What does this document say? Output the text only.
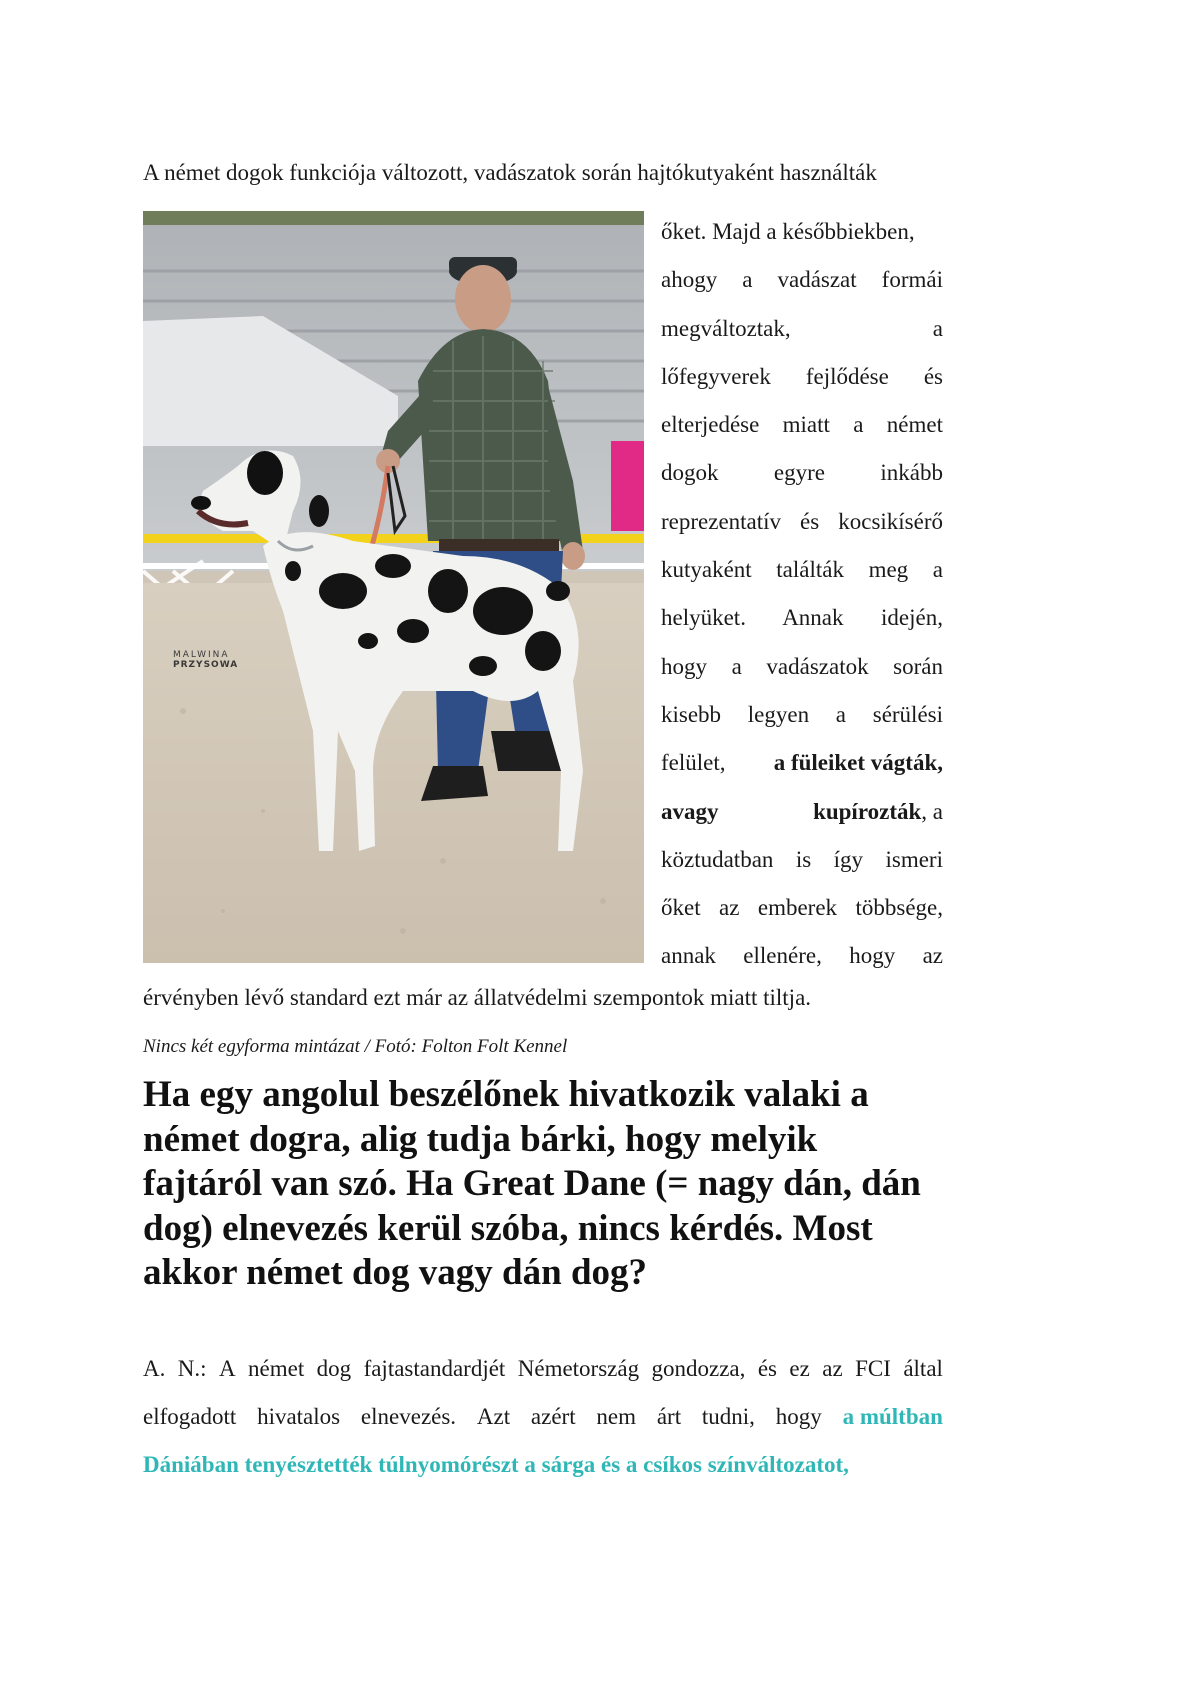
A német dogok funkciója változott, vadászatok során hajtókutyaként használták
MALWINA
PRZYSOWA
őket. Majd a későbbiekben,
ahogy a vadászat formái
megváltoztak, a
lőfegyverek fejlődése és
elterjedése miatt a német
dogok egyre inkább
reprezentatív és kocsikísérő
kutyaként találták meg a
helyüket. Annak idején,
hogy a vadászatok során
kisebb legyen a sérülési
felület, a füleiket vágták,
avagy	kupírozták, a
köztudatban is így ismeri
őket az emberek többsége,
annak ellenére, hogy az
érvényben lévő standard ezt már az állatvédelmi szempontok miatt tiltja.
Nincs két egyforma mintázat / Fotó: Folton Folt Kennel
Ha egy angolul beszélőnek hivatkozik valaki a német dogra, alig tudja bárki, hogy melyik fajtáról van szó. Ha Great Dane (= nagy dán, dán dog) elnevezés kerül szóba, nincs kérdés. Most akkor német dog vagy dán dog?
A. N.: A német dog fajtastandardjét Németország gondozza, és ez az FCI által
elfogadott hivatalos elnevezés. Azt azért nem árt tudni, hogy a múltban
Dániában tenyésztették túlnyomórészt a sárga és a csíkos színváltozatot,
